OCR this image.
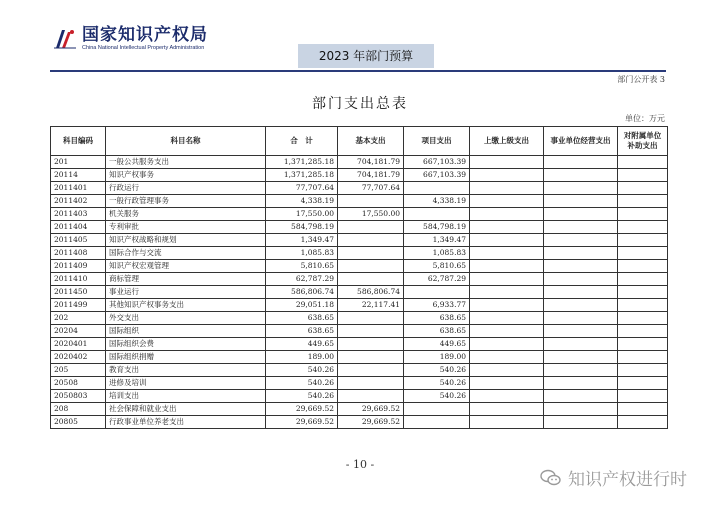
国家知识产权局
China National Intellectual Property Administration
2023 年部门预算
部门公开表 3
部门支出总表
单位：万元
科目编码	科目名称	合　计	基本支出	项目支出	上缴上级支出	事业单位经营支出	对附属单位补助支出
201	一般公共服务支出	1,371,285.18	704,181.79	667,103.39			
20114	知识产权事务	1,371,285.18	704,181.79	667,103.39			
2011401	行政运行	77,707.64	77,707.64				
2011402	一般行政管理事务	4,338.19		4,338.19			
2011403	机关服务	17,550.00	17,550.00				
2011404	专利审批	584,798.19		584,798.19			
2011405	知识产权战略和规划	1,349.47		1,349.47			
2011408	国际合作与交流	1,085.83		1,085.83			
2011409	知识产权宏观管理	5,810.65		5,810.65			
2011410	商标管理	62,787.29		62,787.29			
2011450	事业运行	586,806.74	586,806.74				
2011499	其他知识产权事务支出	29,051.18	22,117.41	6,933.77			
202	外交支出	638.65		638.65			
20204	国际组织	638.65		638.65			
2020401	国际组织会费	449.65		449.65			
2020402	国际组织捐赠	189.00		189.00			
205	教育支出	540.26		540.26			
20508	进修及培训	540.26		540.26			
2050803	培训支出	540.26		540.26			
208	社会保障和就业支出	29,669.52	29,669.52				
20805	行政事业单位养老支出	29,669.52	29,669.52				
- 10 -
知识产权进行时
